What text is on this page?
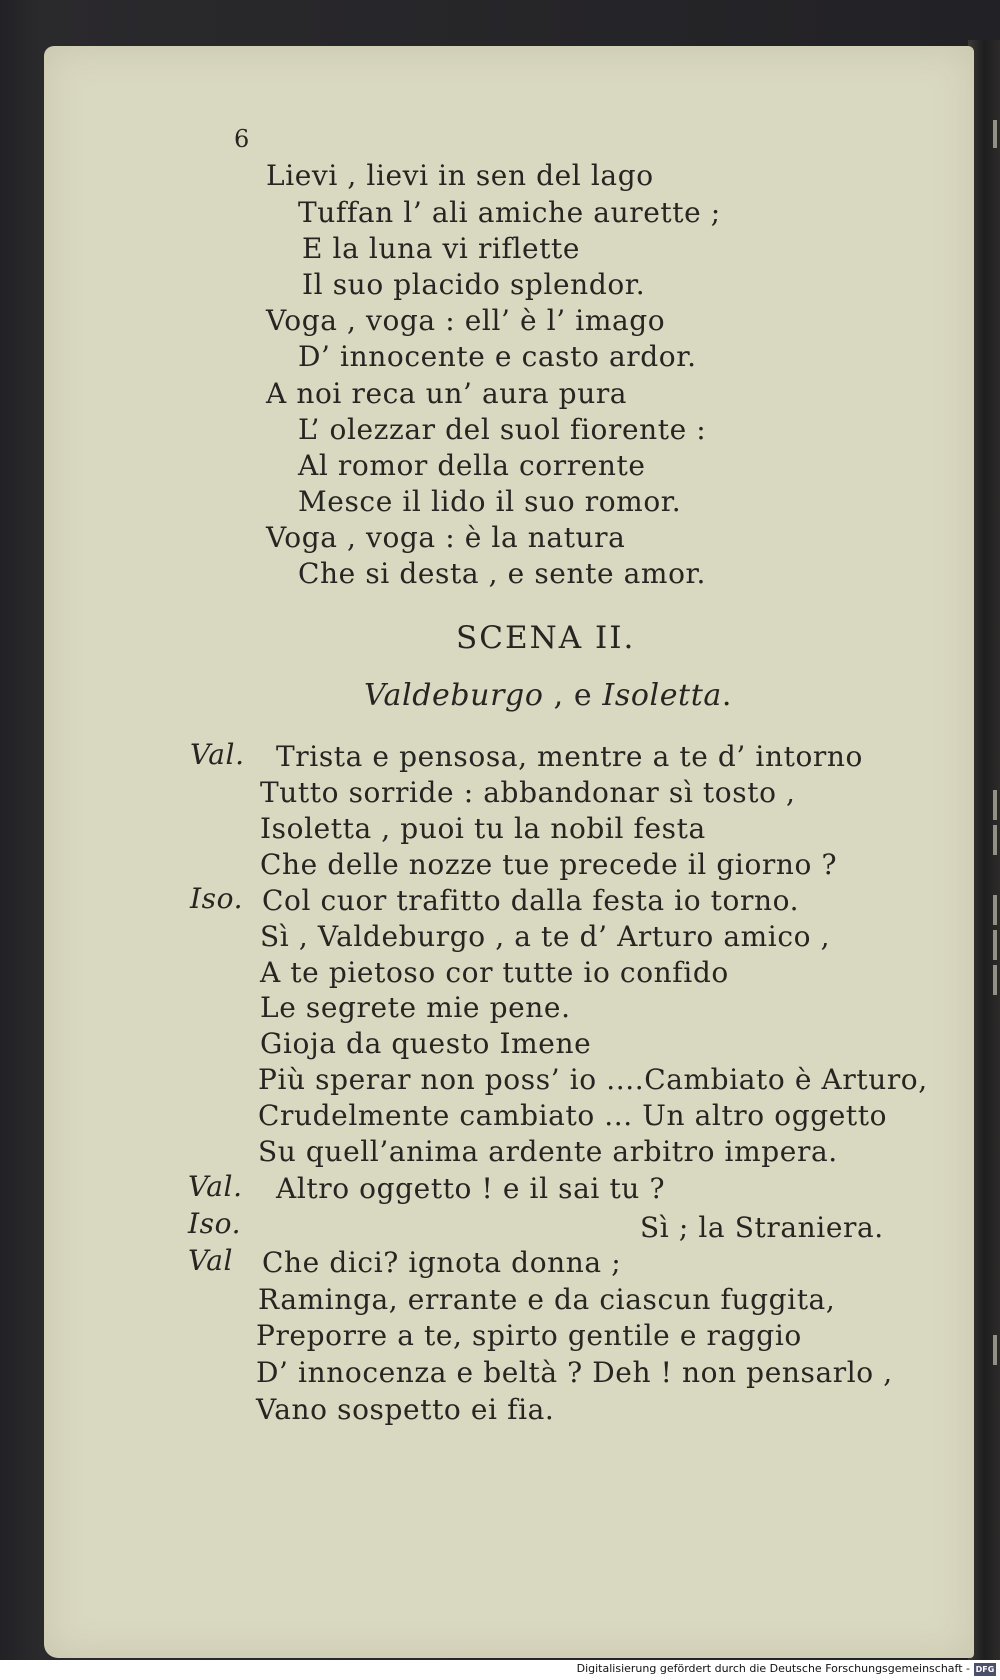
6
Lievi , lievi in sen del lago
Tuffan l’ ali amiche aurette ;
E la luna vi riflette
Il suo placido splendor.
Voga , voga : ell’ è l’ imago
D’ innocente e casto ardor.
A noi reca un’ aura pura
L’ olezzar del suol fiorente :
Al romor della corrente
Mesce il lido il suo romor.
Voga , voga : è la natura
Che si desta , e sente amor.
SCENA II.
Valdeburgo , e Isoletta.
Val. Trista e pensosa, mentre a te d’ intorno
Tutto sorride : abbandonar sì tosto ,
Isoletta , puoi tu la nobil festa
Che delle nozze tue precede il giorno ?
Iso. Col cuor trafitto dalla festa io torno.
Sì , Valdeburgo , a te d’ Arturo amico ,
A te pietoso cor tutte io confido
Le segrete mie pene.
Gioja da questo Imene
Più sperar non poss’ io ....Cambiato è Arturo,
Crudelmente cambiato ... Un altro oggetto
Su quell’anima ardente arbitro impera.
Val. Altro oggetto ! e il sai tu ?
Iso.	Sì ; la Straniera.
Val Che dici? ignota donna ;
Raminga, errante e da ciascun fuggita,
Preporre a te, spirto gentile e raggio
D’ innocenza e beltà ? Deh ! non pensarlo ,
Vano sospetto ei fia.
Digitalisierung gefördert durch die Deutsche Forschungsgemeinschaft - DFG
